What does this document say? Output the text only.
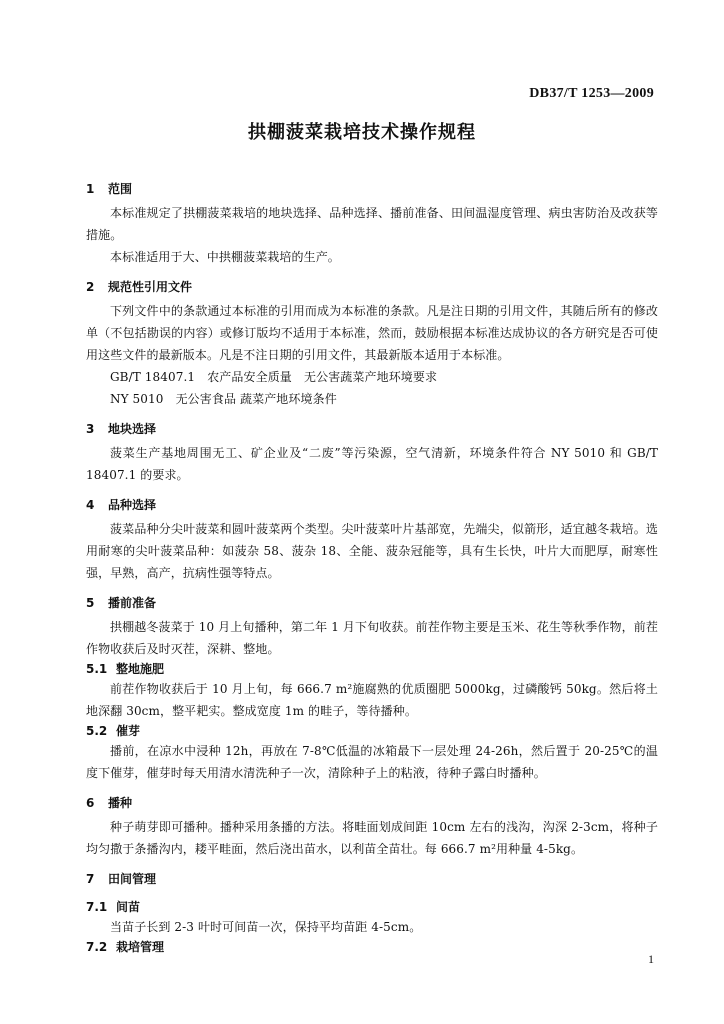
DB37/T 1253—2009
拱棚菠菜栽培技术操作规程
1 范围

本标准规定了拱棚菠菜栽培的地块选择、品种选择、播前准备、田间温湿度管理、病虫害防治及改获等措施。

本标准适用于大、中拱棚菠菜栽培的生产。

2 规范性引用文件

下列文件中的条款通过本标准的引用而成为本标准的条款。凡是注日期的引用文件，其随后所有的修改单（不包括勘误的内容）或修订版均不适用于本标准，然而，鼓励根据本标准达成协议的各方研究是否可使用这些文件的最新版本。凡是不注日期的引用文件，其最新版本适用于本标准。

GB/T 18407.1　农产品安全质量　无公害蔬菜产地环境要求

NY 5010　无公害食品 蔬菜产地环境条件

3 地块选择

菠菜生产基地周围无工、矿企业及“二废”等污染源，空气清新，环境条件符合 NY 5010 和 GB/T 18407.1 的要求。

4 品种选择

菠菜品种分尖叶菠菜和圆叶菠菜两个类型。尖叶菠菜叶片基部宽，先端尖，似箭形，适宜越冬栽培。选用耐寒的尖叶菠菜品种：如菠杂 58、菠杂 18、全能、菠杂冠能等，具有生长快，叶片大而肥厚，耐寒性强，早熟，高产，抗病性强等特点。

5 播前准备

拱棚越冬菠菜于 10 月上旬播种，第二年 1 月下旬收获。前茬作物主要是玉米、花生等秋季作物，前茬作物收获后及时灭茬，深耕、整地。

5.1 整地施肥

前茬作物收获后于 10 月上旬，每 666.7 m²施腐熟的优质圈肥 5000kg，过磷酸钙 50kg。然后将土地深翻 30cm，整平耙实。整成宽度 1m 的畦子，等待播种。

5.2 催芽

播前，在凉水中浸种 12h，再放在 7-8℃低温的冰箱最下一层处理 24-26h，然后置于 20-25℃的温度下催芽，催芽时每天用清水清洗种子一次，清除种子上的粘液，待种子露白时播种。

6 播种

种子萌芽即可播种。播种采用条播的方法。将畦面划成间距 10cm 左右的浅沟，沟深 2-3cm，将种子均匀撒于条播沟内，耧平畦面，然后浇出苗水，以利苗全苗壮。每 666.7 m²用种量 4-5kg。

7 田间管理
7.1 间苗

当苗子长到 2-3 叶时可间苗一次，保持平均苗距 4-5cm。

7.2 栽培管理
1
